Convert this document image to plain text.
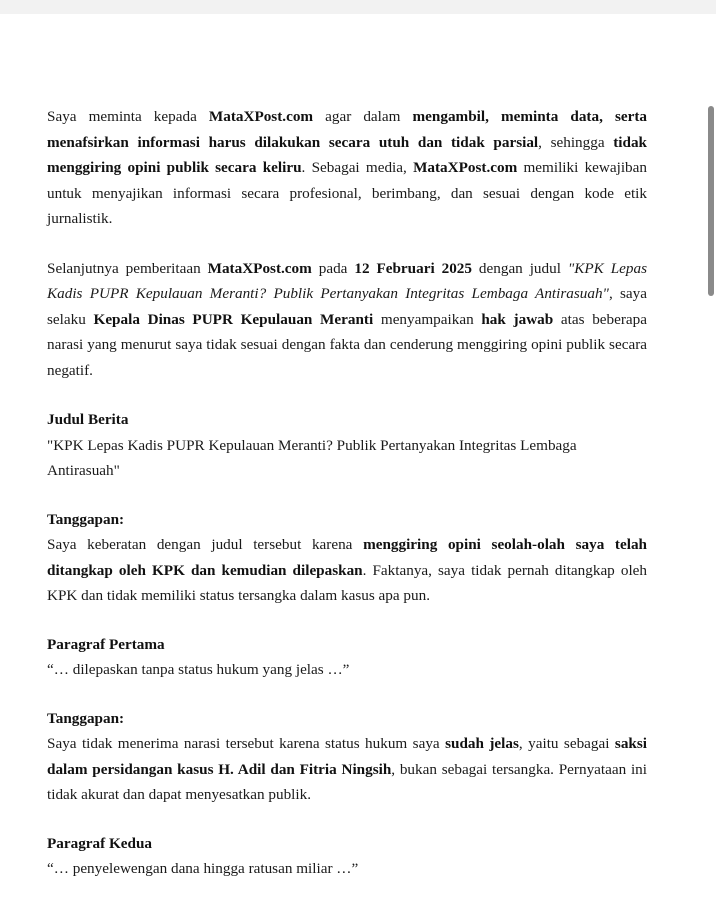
Saya meminta kepada MataXPost.com agar dalam mengambil, meminta data, serta menafsirkan informasi harus dilakukan secara utuh dan tidak parsial, sehingga tidak menggiring opini publik secara keliru. Sebagai media, MataXPost.com memiliki kewajiban untuk menyajikan informasi secara profesional, berimbang, dan sesuai dengan kode etik jurnalistik.

Selanjutnya pemberitaan MataXPost.com pada 12 Februari 2025 dengan judul "KPK Lepas Kadis PUPR Kepulauan Meranti? Publik Pertanyakan Integritas Lembaga Antirasuah", saya selaku Kepala Dinas PUPR Kepulauan Meranti menyampaikan hak jawab atas beberapa narasi yang menurut saya tidak sesuai dengan fakta dan cenderung menggiring opini publik secara negatif.

Judul Berita

"KPK Lepas Kadis PUPR Kepulauan Meranti? Publik Pertanyakan Integritas Lembaga Antirasuah"

Tanggapan:

Saya keberatan dengan judul tersebut karena menggiring opini seolah-olah saya telah ditangkap oleh KPK dan kemudian dilepaskan. Faktanya, saya tidak pernah ditangkap oleh KPK dan tidak memiliki status tersangka dalam kasus apa pun.

Paragraf Pertama

“… dilepaskan tanpa status hukum yang jelas …”

Tanggapan:

Saya tidak menerima narasi tersebut karena status hukum saya sudah jelas, yaitu sebagai saksi dalam persidangan kasus H. Adil dan Fitria Ningsih, bukan sebagai tersangka. Pernyataan ini tidak akurat dan dapat menyesatkan publik.

Paragraf Kedua

“… penyelewengan dana hingga ratusan miliar …”
